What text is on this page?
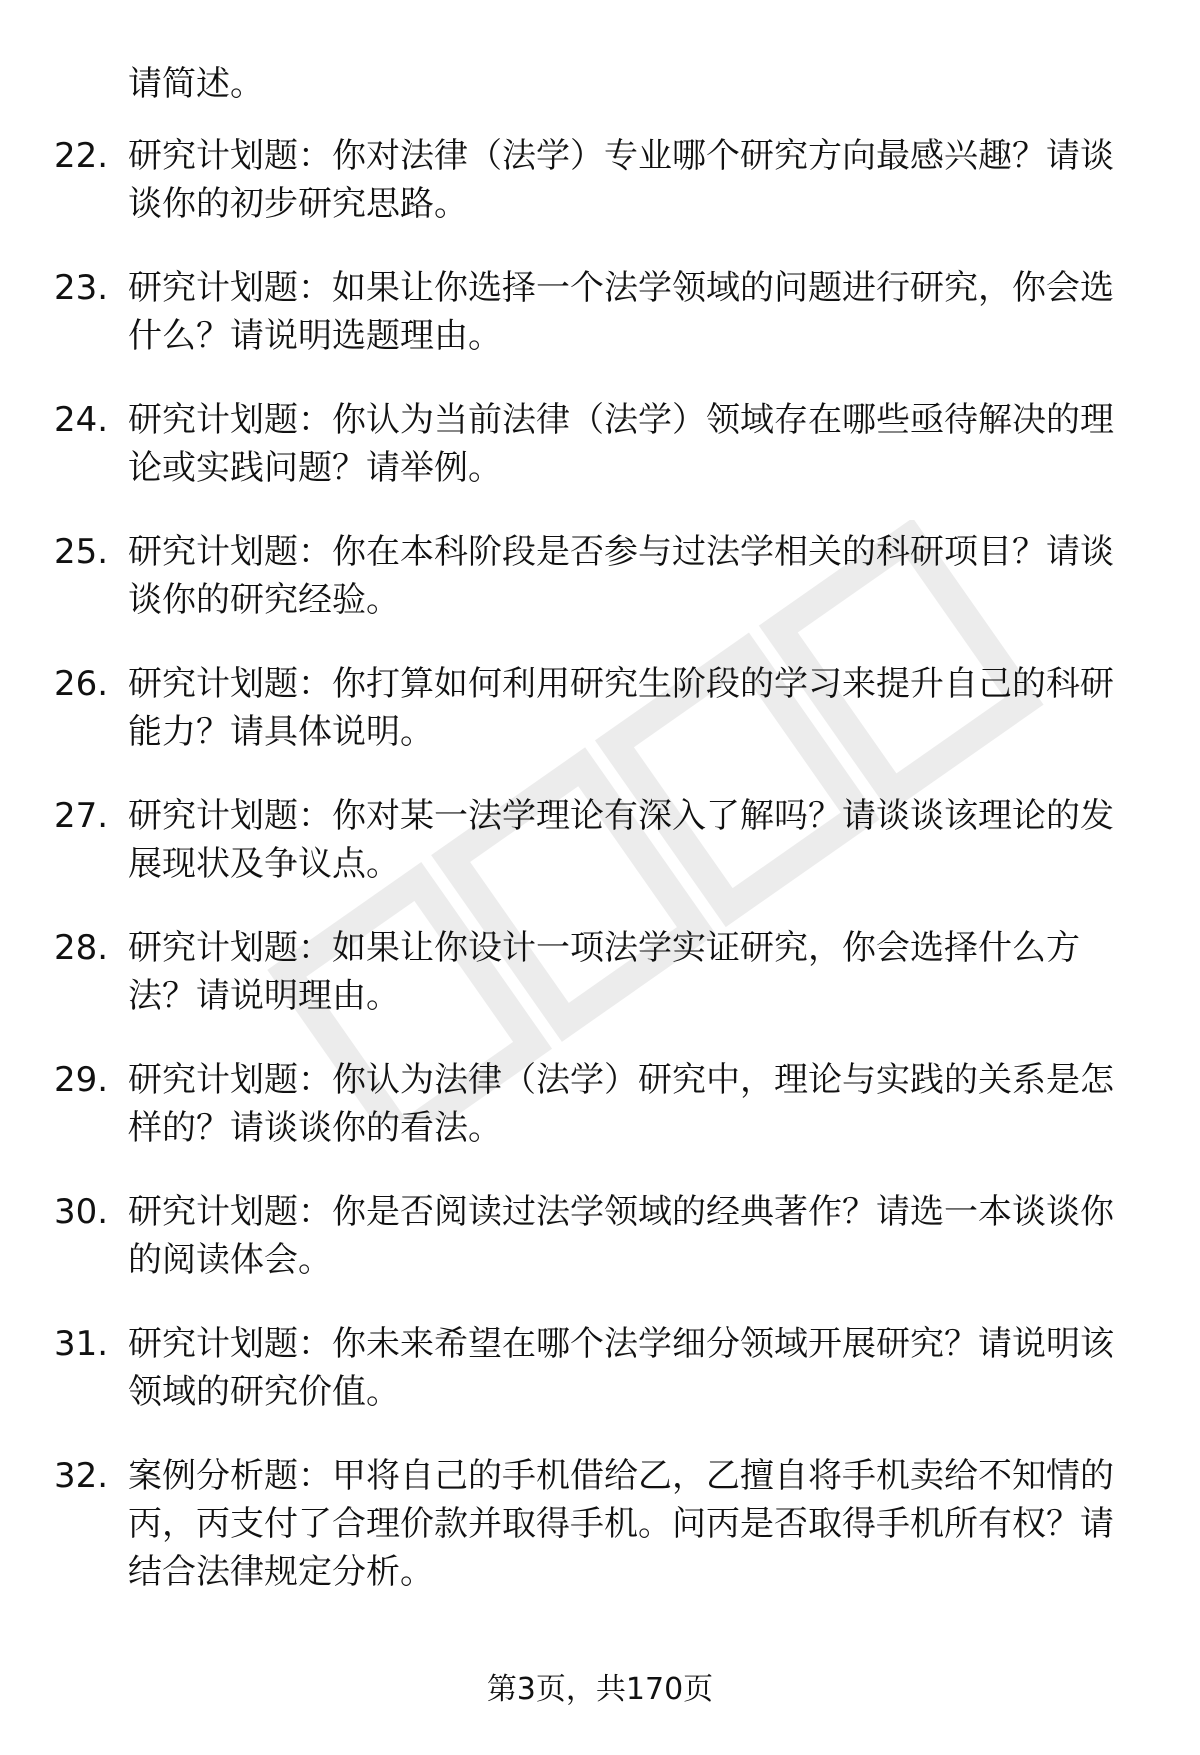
请简述。
22. 研究计划题：你对法律（法学）专业哪个研究方向最感兴趣？请谈谈你的初步研究思路。
23. 研究计划题：如果让你选择一个法学领域的问题进行研究，你会选什么？请说明选题理由。
24. 研究计划题：你认为当前法律（法学）领域存在哪些亟待解决的理论或实践问题？请举例。
25. 研究计划题：你在本科阶段是否参与过法学相关的科研项目？请谈谈你的研究经验。
26. 研究计划题：你打算如何利用研究生阶段的学习来提升自己的科研能力？请具体说明。
27. 研究计划题：你对某一法学理论有深入了解吗？请谈谈该理论的发展现状及争议点。
28. 研究计划题：如果让你设计一项法学实证研究，你会选择什么方法？请说明理由。
29. 研究计划题：你认为法律（法学）研究中，理论与实践的关系是怎样的？请谈谈你的看法。
30. 研究计划题：你是否阅读过法学领域的经典著作？请选一本谈谈你的阅读体会。
31. 研究计划题：你未来希望在哪个法学细分领域开展研究？请说明该领域的研究价值。
32. 案例分析题：甲将自己的手机借给乙，乙擅自将手机卖给不知情的丙，丙支付了合理价款并取得手机。问丙是否取得手机所有权？请结合法律规定分析。
第3页，共170页
